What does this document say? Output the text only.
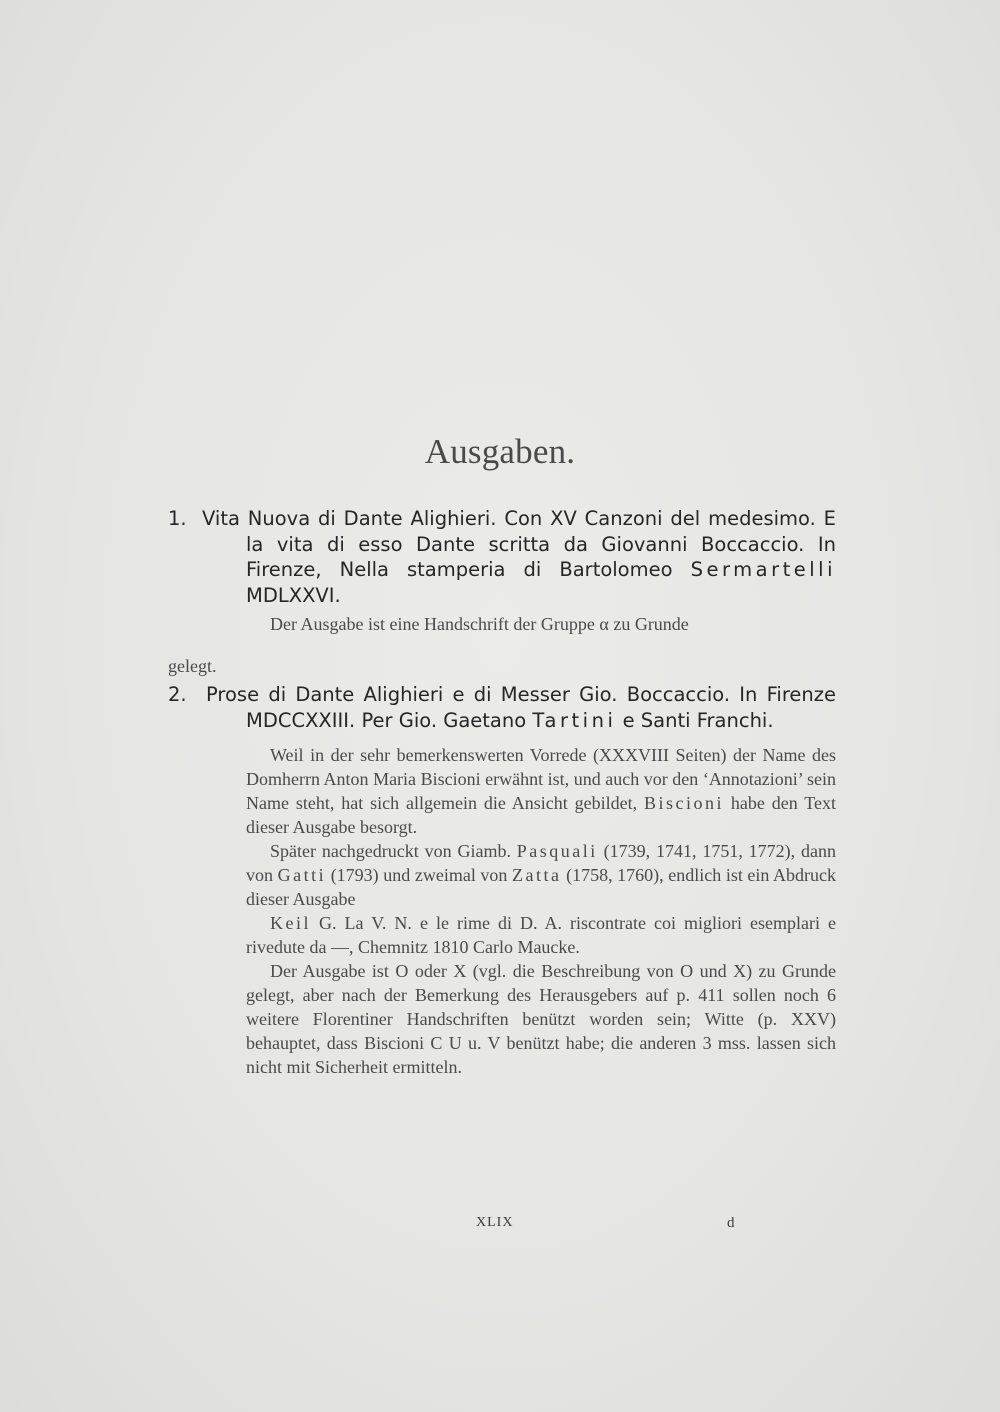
Ausgaben.
1. Vita Nuova di Dante Alighieri. Con XV Canzoni del medesimo. E la vita di esso Dante scritta da Giovanni Boccaccio. In Firenze, Nella stamperia di Bartolomeo Sermartelli MDLXXVI.

Der Ausgabe ist eine Handschrift der Gruppe α zu Grunde

gelegt.

2. Prose di Dante Alighieri e di Messer Gio. Boccaccio. In Firenze MDCCXXIII. Per Gio. Gaetano Tartini e Santi Franchi.

Weil in der sehr bemerkenswerten Vorrede (XXXVIII Seiten) der Name des Domherrn Anton Maria Biscioni erwähnt ist, und auch vor den ‘Annotazioni’ sein Name steht, hat sich allgemein die Ansicht gebildet, Biscioni habe den Text dieser Ausgabe besorgt.

Später nachgedruckt von Giamb. Pasquali (1739, 1741, 1751, 1772), dann von Gatti (1793) und zweimal von Zatta (1758, 1760), endlich ist ein Abdruck dieser Ausgabe

Keil G. La V. N. e le rime di D. A. riscontrate coi migliori esemplari e rivedute da —, Chemnitz 1810 Carlo Maucke.

Der Ausgabe ist O oder X (vgl. die Beschreibung von O und X) zu Grunde gelegt, aber nach der Bemerkung des Herausgebers auf p. 411 sollen noch 6 weitere Florentiner Handschriften benützt worden sein; Witte (p. XXV) behauptet, dass Biscioni C U u. V benützt habe; die anderen 3 mss. lassen sich nicht mit Sicherheit ermitteln.

XLIX	d
